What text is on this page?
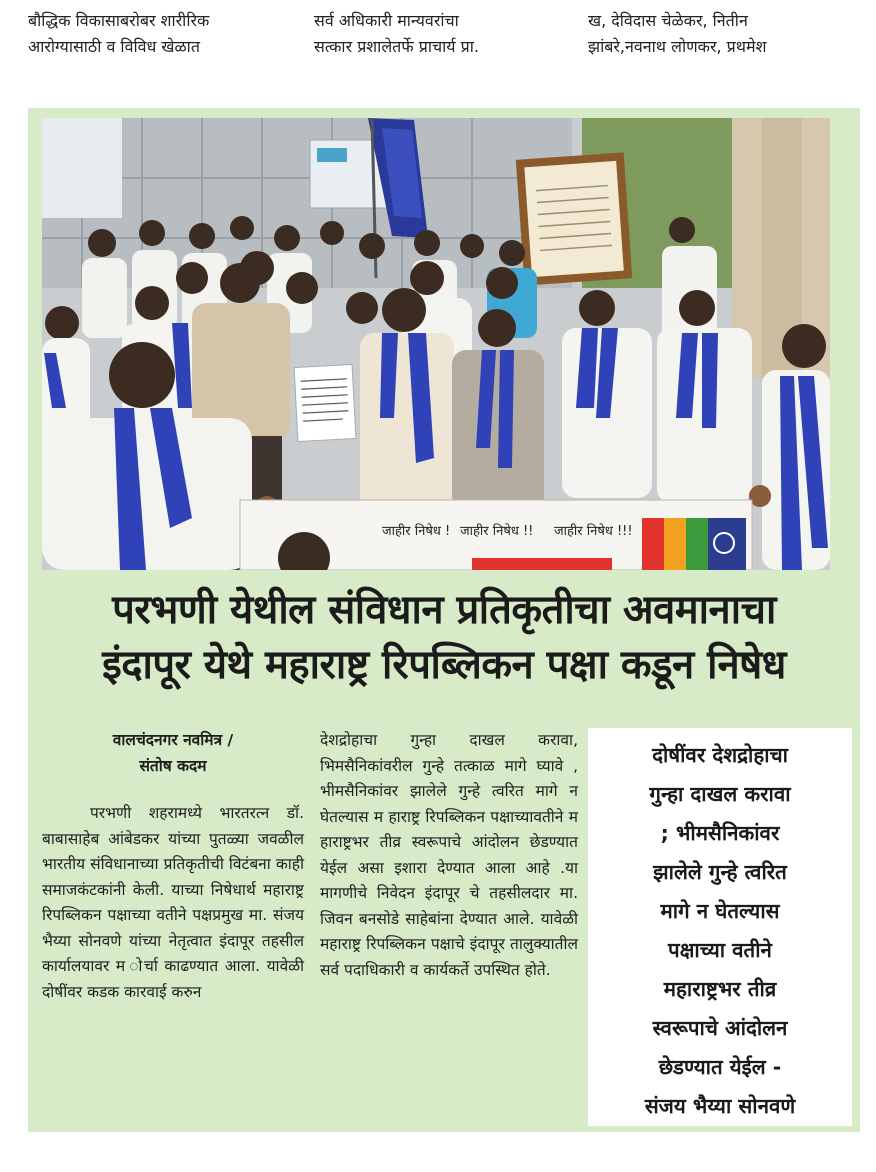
बौद्धिक विकासाबरोबर शारीरिक
आरोग्यासाठी व विविध खेळात
सर्व अधिकारी मान्यवरांचा
सत्कार प्रशालेतर्फे प्राचार्य प्रा.
ख, देविदास चेळेकर, नितीन
झांबरे,नवनाथ लोणकर, प्रथमेश
जाहीर निषेध ! जाहीर निषेध !! जाहीर निषेध !!!
परभणी येथील संविधान प्रतिकृतीचा अवमानाचा
इंदापूर येथे महाराष्ट्र रिपब्लिकन पक्षा कडून निषेध
वालचंदनगर नवमित्र /
संतोष कदम
परभणी शहरामध्ये भारतरत्न डॉ. बाबासाहेब आंबेडकर यांच्या पुतळ्या जवळील भारतीय संविधानाच्या प्रतिकृतीची विटंबना काही समाजकंटकांनी केली. याच्या निषेधार्थ महाराष्ट्र रिपब्लिकन पक्षाच्या वतीने पक्षप्रमुख मा. संजय भैय्या सोनवणे यांच्या नेतृत्वात इंदापूर तहसील कार्यालयावर म ोर्चा काढण्यात आला. यावेळी दोषींवर कडक कारवाई करुन
देशद्रोहाचा गुन्हा दाखल करावा, भिमसैनिकांवरील गुन्हे तत्काळ मागे घ्यावे , भीमसैनिकांवर झालेले गुन्हे त्वरित मागे न घेतल्यास म हाराष्ट्र रिपब्लिकन पक्षाच्यावतीने म हाराष्ट्रभर तीव्र स्वरूपाचे आंदोलन छेडण्यात येईल असा इशारा देण्यात आला आहे .या मागणीचे निवेदन इंदापूर चे तहसीलदार मा. जिवन बनसोडे साहेबांना देण्यात आले. यावेळी महाराष्ट्र रिपब्लिकन पक्षाचे इंदापूर तालुक्यातील सर्व पदाधिकारी व कार्यकर्ते उपस्थित होते.
दोषींवर देशद्रोहाचा
गुन्हा दाखल करावा
; भीमसैनिकांवर
झालेले गुन्हे त्वरित
मागे न घेतल्यास
पक्षाच्या वतीने
महाराष्ट्रभर तीव्र
स्वरूपाचे आंदोलन
छेडण्यात येईल -
संजय भैय्या सोनवणे
